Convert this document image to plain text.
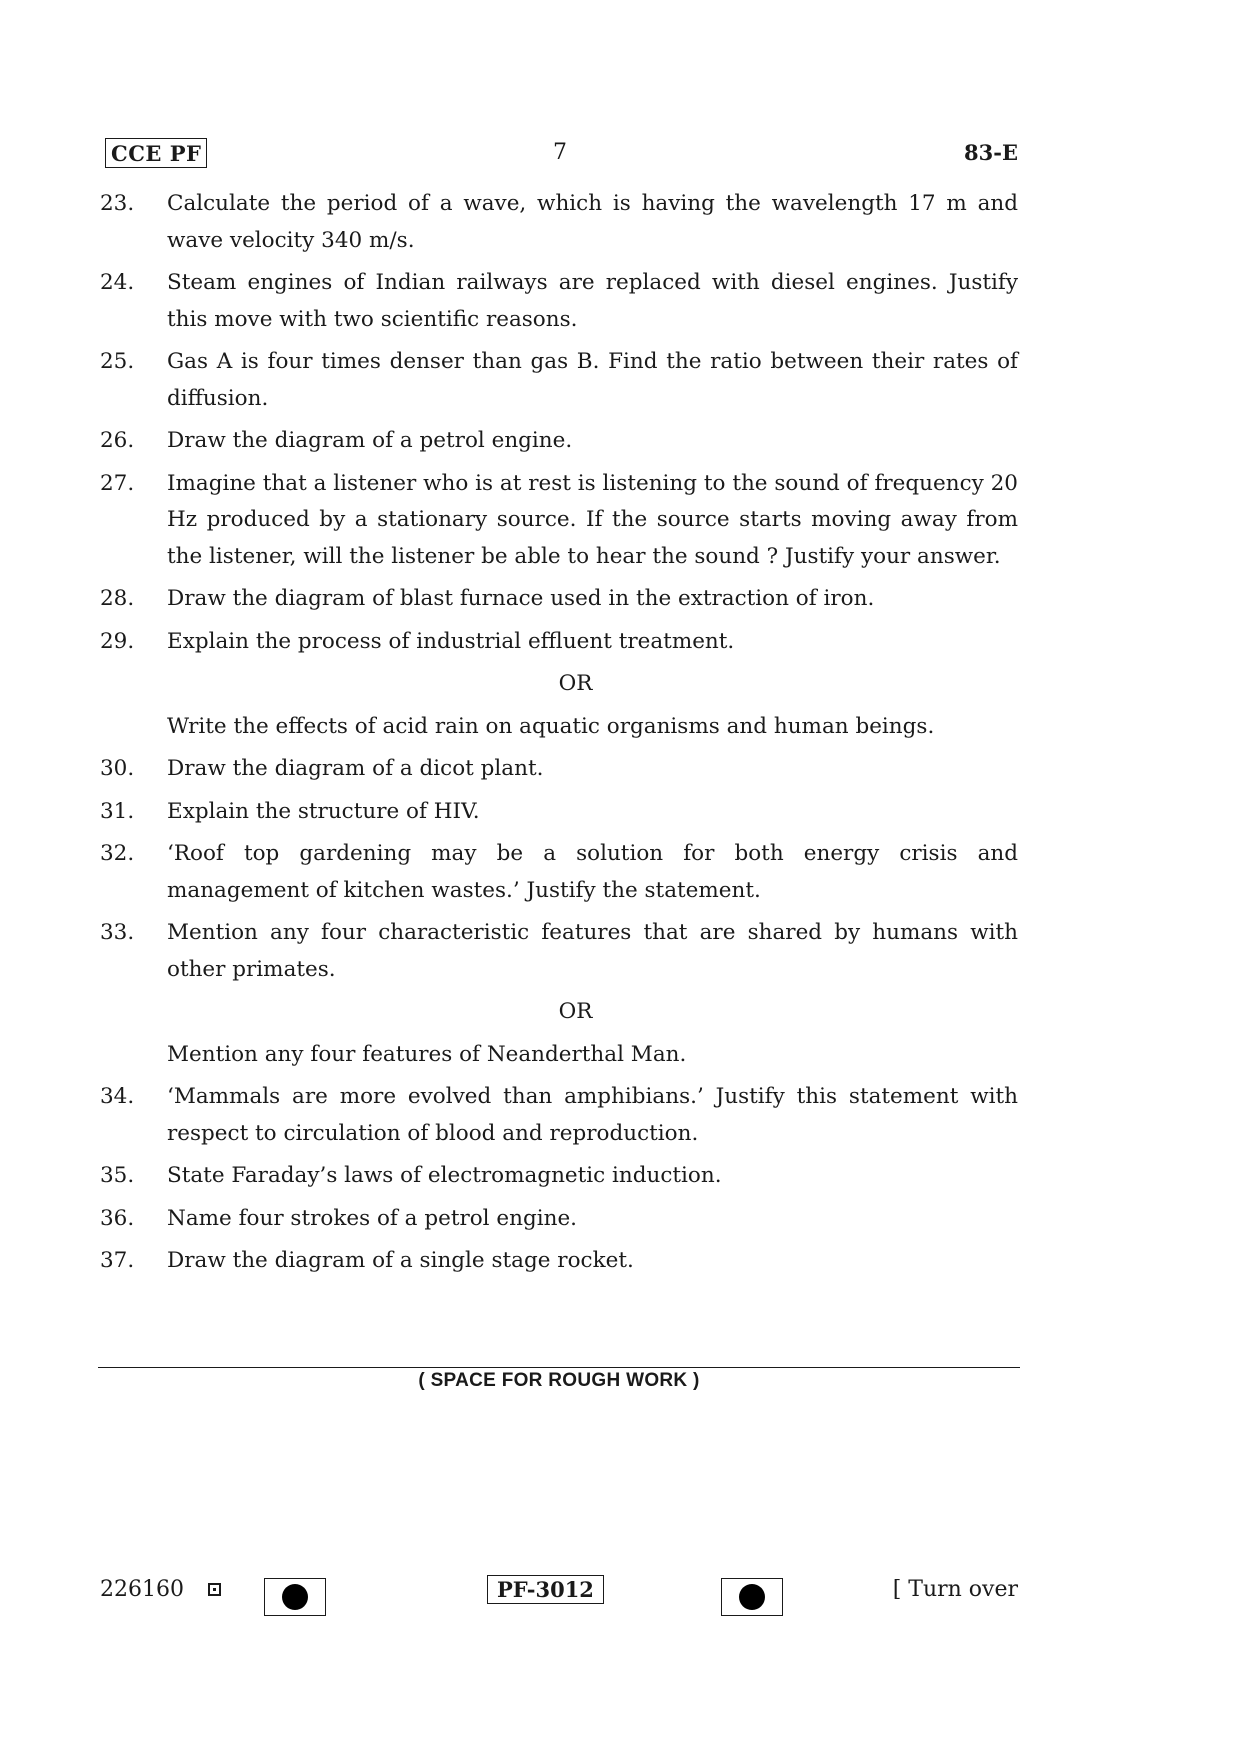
CCE PF	7	83-E
23. Calculate the period of a wave, which is having the wavelength 17 m and wave velocity 340 m/s.
24. Steam engines of Indian railways are replaced with diesel engines. Justify this move with two scientific reasons.
25. Gas A is four times denser than gas B. Find the ratio between their rates of diffusion.
26. Draw the diagram of a petrol engine.
27. Imagine that a listener who is at rest is listening to the sound of frequency 20 Hz produced by a stationary source. If the source starts moving away from the listener, will the listener be able to hear the sound ? Justify your answer.
28. Draw the diagram of blast furnace used in the extraction of iron.
29. Explain the process of industrial effluent treatment.
OR
Write the effects of acid rain on aquatic organisms and human beings.
30. Draw the diagram of a dicot plant.
31. Explain the structure of HIV.
32. ‘Roof top gardening may be a solution for both energy crisis and management of kitchen wastes.’ Justify the statement.
33. Mention any four characteristic features that are shared by humans with other primates.
OR
Mention any four features of Neanderthal Man.
34. ‘Mammals are more evolved than amphibians.’ Justify this statement with respect to circulation of blood and reproduction.
35. State Faraday’s laws of electromagnetic induction.
36. Name four strokes of a petrol engine.
37. Draw the diagram of a single stage rocket.
( SPACE FOR ROUGH WORK )
226160	PF-3012	[ Turn over
